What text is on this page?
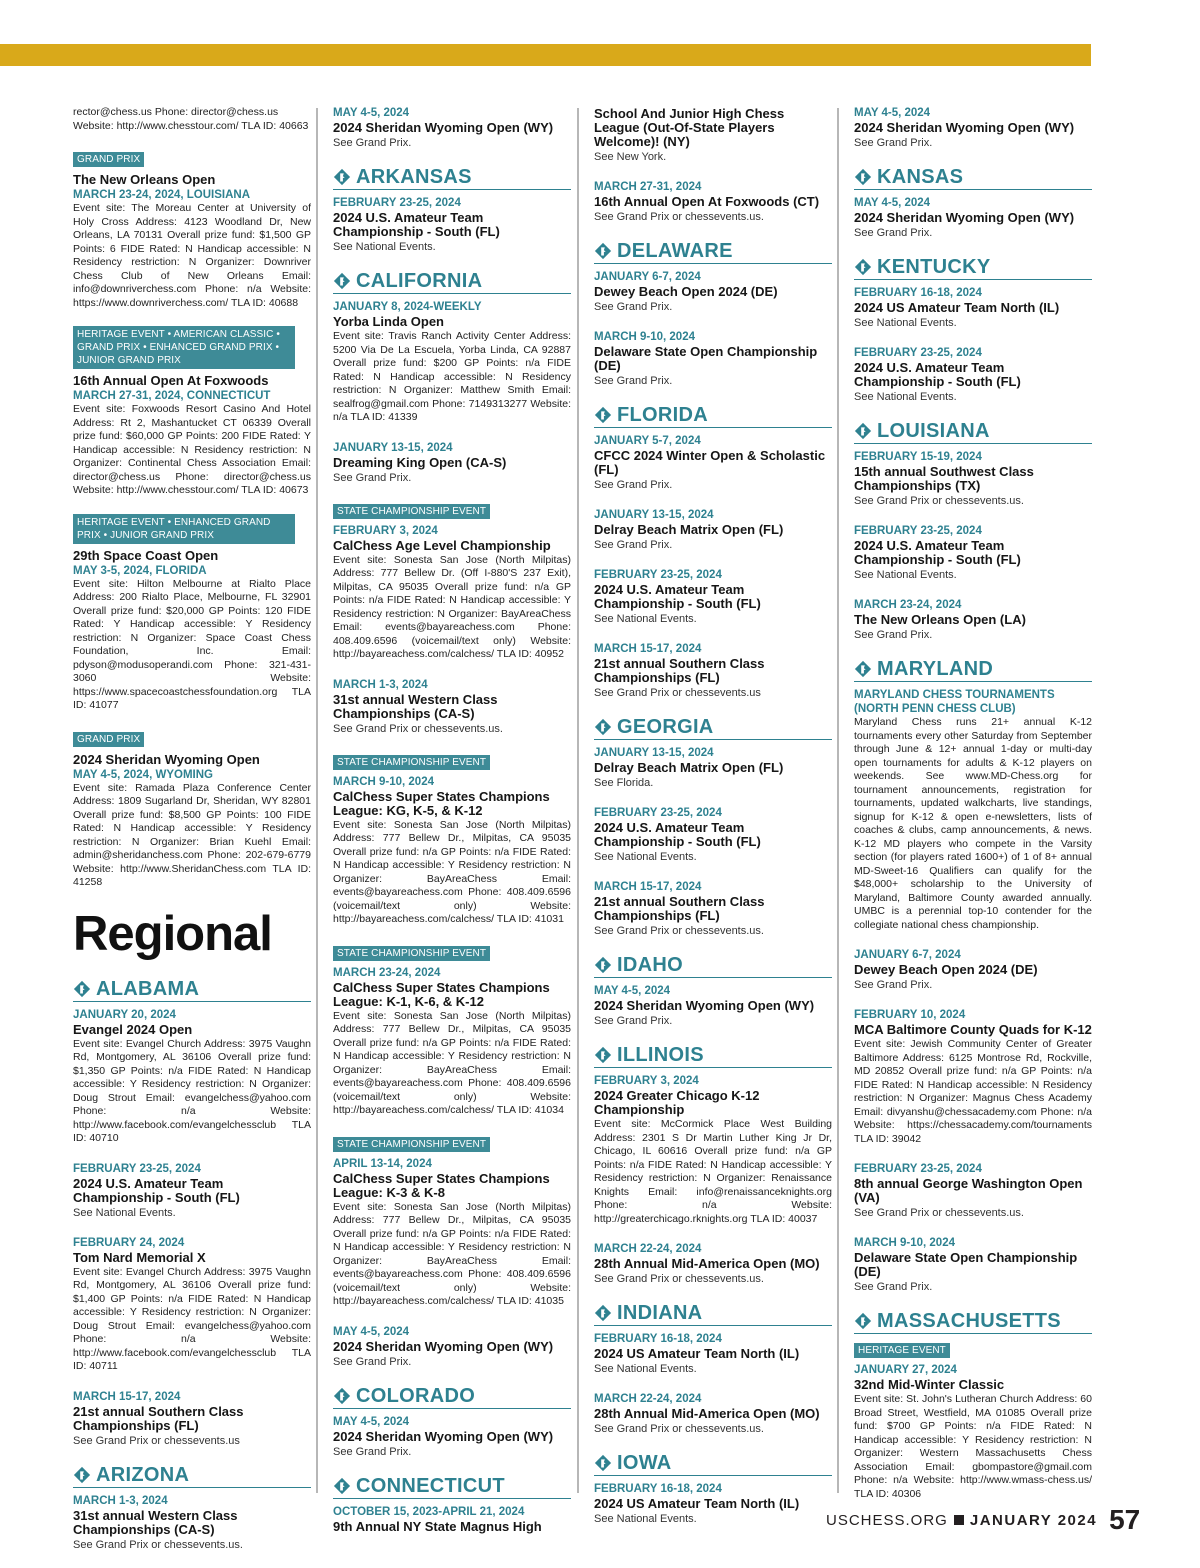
rector@chess.us Phone: director@chess.us Website: http://www.chesstour.com/ TLA ID: 40663
GRAND PRIX
The New Orleans Open
MARCH 23-24, 2024, LOUISIANA
Event site: The Moreau Center at University of Holy Cross Address: 4123 Woodland Dr, New Orleans, LA 70131 Overall prize fund: $1,500 GP Points: 6 FIDE Rated: N Handicap accessible: N Residency restriction: N Organizer: Downriver Chess Club of New Orleans Email: info@downriverchess.com Phone: n/a Website: https://www.downriverchess.com/ TLA ID: 40688
HERITAGE EVENT • AMERICAN CLASSIC • GRAND PRIX • ENHANCED GRAND PRIX • JUNIOR GRAND PRIX
16th Annual Open At Foxwoods
MARCH 27-31, 2024, CONNECTICUT
Event site: Foxwoods Resort Casino And Hotel Address: Rt 2, Mashantucket CT 06339 Overall prize fund: $60,000 GP Points: 200 FIDE Rated: Y Handicap accessible: N Residency restriction: N Organizer: Continental Chess Association Email: director@chess.us Phone: director@chess.us Website: http://www.chesstour.com/ TLA ID: 40673
HERITAGE EVENT • ENHANCED GRAND PRIX • JUNIOR GRAND PRIX
29th Space Coast Open
MAY 3-5, 2024, FLORIDA
Event site: Hilton Melbourne at Rialto Place Address: 200 Rialto Place, Melbourne, FL 32901 Overall prize fund: $20,000 GP Points: 120 FIDE Rated: Y Handicap accessible: Y Residency restriction: N Organizer: Space Coast Chess Foundation, Inc. Email: pdyson@modusoperandi.com Phone: 321-431-3060 Website: https://www.spacecoastchessfoundation.org TLA ID: 41077
GRAND PRIX
2024 Sheridan Wyoming Open
MAY 4-5, 2024, WYOMING
Event site: Ramada Plaza Conference Center Address: 1809 Sugarland Dr, Sheridan, WY 82801 Overall prize fund: $8,500 GP Points: 100 FIDE Rated: N Handicap accessible: Y Residency restriction: N Organizer: Brian Kuehl Email: admin@sheridanchess.com Phone: 202-679-6779 Website: http://www.SheridanChess.com TLA ID: 41258
Regional
ALABAMA
JANUARY 20, 2024
Evangel 2024 Open
Event site: Evangel Church Address: 3975 Vaughn Rd, Montgomery, AL 36106 Overall prize fund: $1,350 GP Points: n/a FIDE Rated: N Handicap accessible: Y Residency restriction: N Organizer: Doug Strout Email: evangelchess@yahoo.com Phone: n/a Website: http://www.facebook.com/evangelchessclub TLA ID: 40710
FEBRUARY 23-25, 2024
2024 U.S. Amateur Team Championship - South (FL)
See National Events.
FEBRUARY 24, 2024
Tom Nard Memorial X
Event site: Evangel Church Address: 3975 Vaughn Rd, Montgomery, AL 36106 Overall prize fund: $1,400 GP Points: n/a FIDE Rated: N Handicap accessible: Y Residency restriction: N Organizer: Doug Strout Email: evangelchess@yahoo.com Phone: n/a Website: http://www.facebook.com/evangelchessclub TLA ID: 40711
MARCH 15-17, 2024
21st annual Southern Class Championships (FL)
See Grand Prix or chessevents.us
ARIZONA
MARCH 1-3, 2024
31st annual Western Class Championships (CA-S)
See Grand Prix or chessevents.us.
MAY 4-5, 2024
2024 Sheridan Wyoming Open (WY)
See Grand Prix.
ARKANSAS
FEBRUARY 23-25, 2024
2024 U.S. Amateur Team Championship - South (FL)
See National Events.
CALIFORNIA
JANUARY 8, 2024-WEEKLY
Yorba Linda Open
Event site: Travis Ranch Activity Center Address: 5200 Via De La Escuela, Yorba Linda, CA 92887 Overall prize fund: $200 GP Points: n/a FIDE Rated: N Handicap accessible: N Residency restriction: N Organizer: Matthew Smith Email: sealfrog@gmail.com Phone: 7149313277 Website: n/a TLA ID: 41339
JANUARY 13-15, 2024
Dreaming King Open (CA-S)
See Grand Prix.
STATE CHAMPIONSHIP EVENT
FEBRUARY 3, 2024
CalChess Age Level Championship
Event site: Sonesta San Jose (North Milpitas) Address: 777 Bellew Dr. (Off I-880'S 237 Exit), Milpitas, CA 95035 Overall prize fund: n/a GP Points: n/a FIDE Rated: N Handicap accessible: Y Residency restriction: N Organizer: BayAreaChess Email: events@bayareachess.com Phone: 408.409.6596 (voicemail/text only) Website: http://bayareachess.com/calchess/ TLA ID: 40952
MARCH 1-3, 2024
31st annual Western Class Championships (CA-S)
See Grand Prix or chessevents.us.
STATE CHAMPIONSHIP EVENT
MARCH 9-10, 2024
CalChess Super States Champions League: KG, K-5, & K-12
Event site: Sonesta San Jose (North Milpitas) Address: 777 Bellew Dr., Milpitas, CA 95035 Overall prize fund: n/a GP Points: n/a FIDE Rated: N Handicap accessible: Y Residency restriction: N Organizer: BayAreaChess Email: events@bayareachess.com Phone: 408.409.6596 (voicemail/text only) Website: http://bayareachess.com/calchess/ TLA ID: 41031
STATE CHAMPIONSHIP EVENT
MARCH 23-24, 2024
CalChess Super States Champions League: K-1, K-6, & K-12
Event site: Sonesta San Jose (North Milpitas) Address: 777 Bellew Dr., Milpitas, CA 95035 Overall prize fund: n/a GP Points: n/a FIDE Rated: N Handicap accessible: Y Residency restriction: N Organizer: BayAreaChess Email: events@bayareachess.com Phone: 408.409.6596 (voicemail/text only) Website: http://bayareachess.com/calchess/ TLA ID: 41034
STATE CHAMPIONSHIP EVENT
APRIL 13-14, 2024
CalChess Super States Champions League: K-3 & K-8
Event site: Sonesta San Jose (North Milpitas) Address: 777 Bellew Dr., Milpitas, CA 95035 Overall prize fund: n/a GP Points: n/a FIDE Rated: N Handicap accessible: Y Residency restriction: N Organizer: BayAreaChess Email: events@bayareachess.com Phone: 408.409.6596 (voicemail/text only) Website: http://bayareachess.com/calchess/ TLA ID: 41035
MAY 4-5, 2024
2024 Sheridan Wyoming Open (WY)
See Grand Prix.
COLORADO
MAY 4-5, 2024
2024 Sheridan Wyoming Open (WY)
See Grand Prix.
CONNECTICUT
OCTOBER 15, 2023-APRIL 21, 2024
9th Annual NY State Magnus High
School And Junior High Chess League (Out-Of-State Players Welcome)! (NY)
See New York.
MARCH 27-31, 2024
16th Annual Open At Foxwoods (CT)
See Grand Prix or chessevents.us.
DELAWARE
JANUARY 6-7, 2024
Dewey Beach Open 2024 (DE)
See Grand Prix.
MARCH 9-10, 2024
Delaware State Open Championship (DE)
See Grand Prix.
FLORIDA
JANUARY 5-7, 2024
CFCC 2024 Winter Open & Scholastic (FL)
See Grand Prix.
JANUARY 13-15, 2024
Delray Beach Matrix Open (FL)
See Grand Prix.
FEBRUARY 23-25, 2024
2024 U.S. Amateur Team Championship - South (FL)
See National Events.
MARCH 15-17, 2024
21st annual Southern Class Championships (FL)
See Grand Prix or chessevents.us
GEORGIA
JANUARY 13-15, 2024
Delray Beach Matrix Open (FL)
See Florida.
FEBRUARY 23-25, 2024
2024 U.S. Amateur Team Championship - South (FL)
See National Events.
MARCH 15-17, 2024
21st annual Southern Class Championships (FL)
See Grand Prix or chessevents.us.
IDAHO
MAY 4-5, 2024
2024 Sheridan Wyoming Open (WY)
See Grand Prix.
ILLINOIS
FEBRUARY 3, 2024
2024 Greater Chicago K-12 Championship
Event site: McCormick Place West Building Address: 2301 S Dr Martin Luther King Jr Dr, Chicago, IL 60616 Overall prize fund: n/a GP Points: n/a FIDE Rated: N Handicap accessible: Y Residency restriction: N Organizer: Renaissance Knights Email: info@renaissanceknights.org Phone: n/a Website: http://greaterchicago.rknights.org TLA ID: 40037
MARCH 22-24, 2024
28th Annual Mid-America Open (MO)
See Grand Prix or chessevents.us.
INDIANA
FEBRUARY 16-18, 2024
2024 US Amateur Team North (IL)
See National Events.
MARCH 22-24, 2024
28th Annual Mid-America Open (MO)
See Grand Prix or chessevents.us.
IOWA
FEBRUARY 16-18, 2024
2024 US Amateur Team North (IL)
See National Events.
MAY 4-5, 2024
2024 Sheridan Wyoming Open (WY)
See Grand Prix.
KANSAS
MAY 4-5, 2024
2024 Sheridan Wyoming Open (WY)
See Grand Prix.
KENTUCKY
FEBRUARY 16-18, 2024
2024 US Amateur Team North (IL)
See National Events.
FEBRUARY 23-25, 2024
2024 U.S. Amateur Team Championship - South (FL)
See National Events.
LOUISIANA
FEBRUARY 15-19, 2024
15th annual Southwest Class Championships (TX)
See Grand Prix or chessevents.us.
FEBRUARY 23-25, 2024
2024 U.S. Amateur Team Championship - South (FL)
See National Events.
MARCH 23-24, 2024
The New Orleans Open (LA)
See Grand Prix.
MARYLAND
MARYLAND CHESS TOURNAMENTS (NORTH PENN CHESS CLUB)
Maryland Chess runs 21+ annual K-12 tournaments every other Saturday from September through June & 12+ annual 1-day or multi-day open tournaments for adults & K-12 players on weekends. See www.MD-Chess.org for tournament announcements, registration for tournaments, updated walkcharts, live standings, signup for K-12 & open e-newsletters, lists of coaches & clubs, camp announcements, & news. K-12 MD players who compete in the Varsity section (for players rated 1600+) of 1 of 8+ annual MD-Sweet-16 Qualifiers can qualify for the $48,000+ scholarship to the University of Maryland, Baltimore County awarded annually. UMBC is a perennial top-10 contender for the collegiate national chess championship.
JANUARY 6-7, 2024
Dewey Beach Open 2024 (DE)
See Grand Prix.
FEBRUARY 10, 2024
MCA Baltimore County Quads for K-12
Event site: Jewish Community Center of Greater Baltimore Address: 6125 Montrose Rd, Rockville, MD 20852 Overall prize fund: n/a GP Points: n/a FIDE Rated: N Handicap accessible: N Residency restriction: N Organizer: Magnus Chess Academy Email: divyanshu@chessacademy.com Phone: n/a Website: https://chessacademy.com/tournaments TLA ID: 39042
FEBRUARY 23-25, 2024
8th annual George Washington Open (VA)
See Grand Prix or chessevents.us.
MARCH 9-10, 2024
Delaware State Open Championship (DE)
See Grand Prix.
MASSACHUSETTS
HERITAGE EVENT
JANUARY 27, 2024
32nd Mid-Winter Classic
Event site: St. John's Lutheran Church Address: 60 Broad Street, Westfield, MA 01085 Overall prize fund: $700 GP Points: n/a FIDE Rated: N Handicap accessible: Y Residency restriction: N Organizer: Western Massachusetts Chess Association Email: gbompastore@gmail.com Phone: n/a Website: http://www.wmass-chess.us/ TLA ID: 40306
USCHESS.ORG JANUARY 2024 57
